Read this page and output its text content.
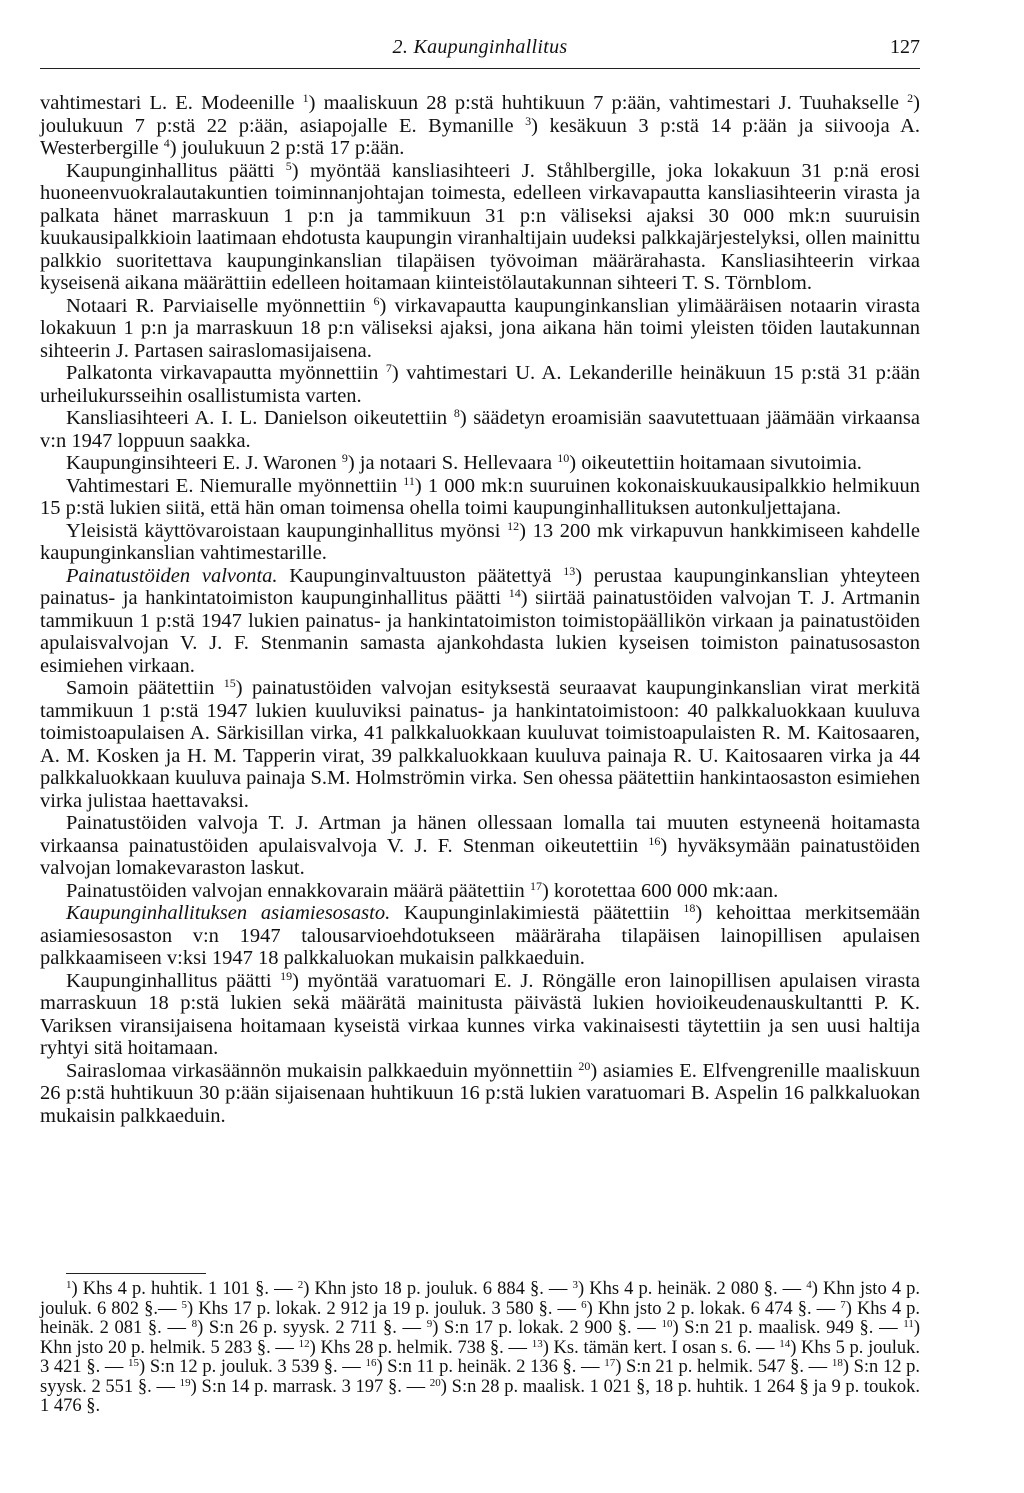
2. Kaupunginhallitus	127

vahtimestari L. E. Modeenille $^1$) maaliskuun 28 p:stä huhtikuun 7 p:ään, vahtimestari J. Tuuhakselle $^2$) joulukuun 7 p:stä 22 p:ään, asiapojalle E. Bymanille $^3$) kesäkuun 3 p:stä 14 p:ään ja siivooja A. Westerbergille $^4$) joulukuun 2 p:stä 17 p:ään.

Kaupunginhallitus päätti $^5$) myöntää kansliasihteeri J. Ståhlbergille, joka lokakuun 31 p:nä erosi huoneenvuokralautakuntien toiminnanjohtajan toimesta, edelleen virkavapautta kansliasihteerin virasta ja palkata hänet marraskuun 1 p:n ja tammikuun 31 p:n väliseksi ajaksi 30 000 mk:n suuruisin kuukausipalkkioin laatimaan ehdotusta kaupungin viranhaltijain uudeksi palkkajärjestelyksi, ollen mainittu palkkio suoritettava kaupunginkanslian tilapäisen työvoiman määrärahasta. Kansliasihteerin virkaa kyseisenä aikana määrättiin edelleen hoitamaan kiinteistölautakunnan sihteeri T. S. Törnblom.

Notaari R. Parviaiselle myönnettiin $^6$) virkavapautta kaupunginkanslian ylimääräisen notaarin virasta lokakuun 1 p:n ja marraskuun 18 p:n väliseksi ajaksi, jona aikana hän toimi yleisten töiden lautakunnan sihteerin J. Partasen sairaslomasijaisena.

Palkatonta virkavapautta myönnettiin $^7$) vahtimestari U. A. Lekanderille heinäkuun 15 p:stä 31 p:ään urheilukursseihin osallistumista varten.

Kansliasihteeri A. I. L. Danielson oikeutettiin $^8$) säädetyn eroamisiän saavutettuaan jäämään virkaansa v:n 1947 loppuun saakka.

Kaupunginsihteeri E. J. Waronen $^9$) ja notaari S. Hellevaara $^{10}$) oikeutettiin hoitamaan sivutoimia.

Vahtimestari E. Niemuralle myönnettiin $^{11}$) 1 000 mk:n suuruinen kokonaiskuukausipalkkio helmikuun 15 p:stä lukien siitä, että hän oman toimensa ohella toimi kaupunginhallituksen autonkuljettajana.

Yleisistä käyttövaroistaan kaupunginhallitus myönsi $^{12}$) 13 200 mk virkapuvun hankkimiseen kahdelle kaupunginkanslian vahtimestarille.

Painatustöiden valvonta. Kaupunginvaltuuston päätettyä $^{13}$) perustaa kaupunginkanslian yhteyteen painatus- ja hankintatoimiston kaupunginhallitus päätti $^{14}$) siirtää painatustöiden valvojan T. J. Artmanin tammikuun 1 p:stä 1947 lukien painatus- ja hankintatoimiston toimistopäällikön virkaan ja painatustöiden apulaisvalvojan V. J. F. Stenmanin samasta ajankohdasta lukien kyseisen toimiston painatusosaston esimiehen virkaan.

Samoin päätettiin $^{15}$) painatustöiden valvojan esityksestä seuraavat kaupunginkanslian virat merkitä tammikuun 1 p:stä 1947 lukien kuuluviksi painatus- ja hankintatoimistoon: 40 palkkaluokkaan kuuluva toimistoapulaisen A. Särkisillan virka, 41 palkkaluokkaan kuuluvat toimistoapulaisten R. M. Kaitosaaren, A. M. Kosken ja H. M. Tapperin virat, 39 palkkaluokkaan kuuluva painaja R. U. Kaitosaaren virka ja 44 palkkaluokkaan kuuluva painaja S.M. Holmströmin virka. Sen ohessa päätettiin hankintaosaston esimiehen virka julistaa haettavaksi.

Painatustöiden valvoja T. J. Artman ja hänen ollessaan lomalla tai muuten estyneenä hoitamasta virkaansa painatustöiden apulaisvalvoja V. J. F. Stenman oikeutettiin $^{16}$) hyväksymään painatustöiden valvojan lomakevaraston laskut.

Painatustöiden valvojan ennakkovarain määrä päätettiin $^{17}$) korotettaa 600 000 mk:aan.

Kaupunginhallituksen asiamiesosasto. Kaupunginlakimiestä päätettiin $^{18}$) kehoittaa merkitsemään asiamiesosaston v:n 1947 talousarvioehdotukseen määräraha tilapäisen lainopillisen apulaisen palkkaamiseen v:ksi 1947 18 palkkaluokan mukaisin palkkaeduin.

Kaupunginhallitus päätti $^{19}$) myöntää varatuomari E. J. Röngälle eron lainopillisen apulaisen virasta marraskuun 18 p:stä lukien sekä määrätä mainitusta päivästä lukien hovioikeudenauskultantti P. K. Variksen viransijaisena hoitamaan kyseistä virkaa kunnes virka vakinaisesti täytettiin ja sen uusi haltija ryhtyi sitä hoitamaan.

Sairaslomaa virkasäännön mukaisin palkkaeduin myönnettiin $^{20}$) asiamies E. Elfvengrenille maaliskuun 26 p:stä huhtikuun 30 p:ään sijaisenaan huhtikuun 16 p:stä lukien varatuomari B. Aspelin 16 palkkaluokan mukaisin palkkaeduin.

$^1$) Khs 4 p. huhtik. 1 101 §. — $^2$) Khn jsto 18 p. jouluk. 6 884 §. — $^3$) Khs 4 p. heinäk. 2 080 §. — $^4$) Khn jsto 4 p. jouluk. 6 802 §.— $^5$) Khs 17 p. lokak. 2 912 ja 19 p. jouluk. 3 580 §. — $^6$) Khn jsto 2 p. lokak. 6 474 §. — $^7$) Khs 4 p. heinäk. 2 081 §. — $^8$) S:n 26 p. syysk. 2 711 §. — $^9$) S:n 17 p. lokak. 2 900 §. — $^{10}$) S:n 21 p. maalisk. 949 §. — $^{11}$) Khn jsto 20 p. helmik. 5 283 §. — $^{12}$) Khs 28 p. helmik. 738 §. — $^{13}$) Ks. tämän kert. I osan s. 6. — $^{14}$) Khs 5 p. jouluk. 3 421 §. — $^{15}$) S:n 12 p. jouluk. 3 539 §. — $^{16}$) S:n 11 p. heinäk. 2 136 §. — $^{17}$) S:n 21 p. helmik. 547 §. — $^{18}$) S:n 12 p. syysk. 2 551 §. — $^{19}$) S:n 14 p. marrask. 3 197 §. — $^{20}$) S:n 28 p. maalisk. 1 021 §, 18 p. huhtik. 1 264 § ja 9 p. toukok. 1 476 §.
